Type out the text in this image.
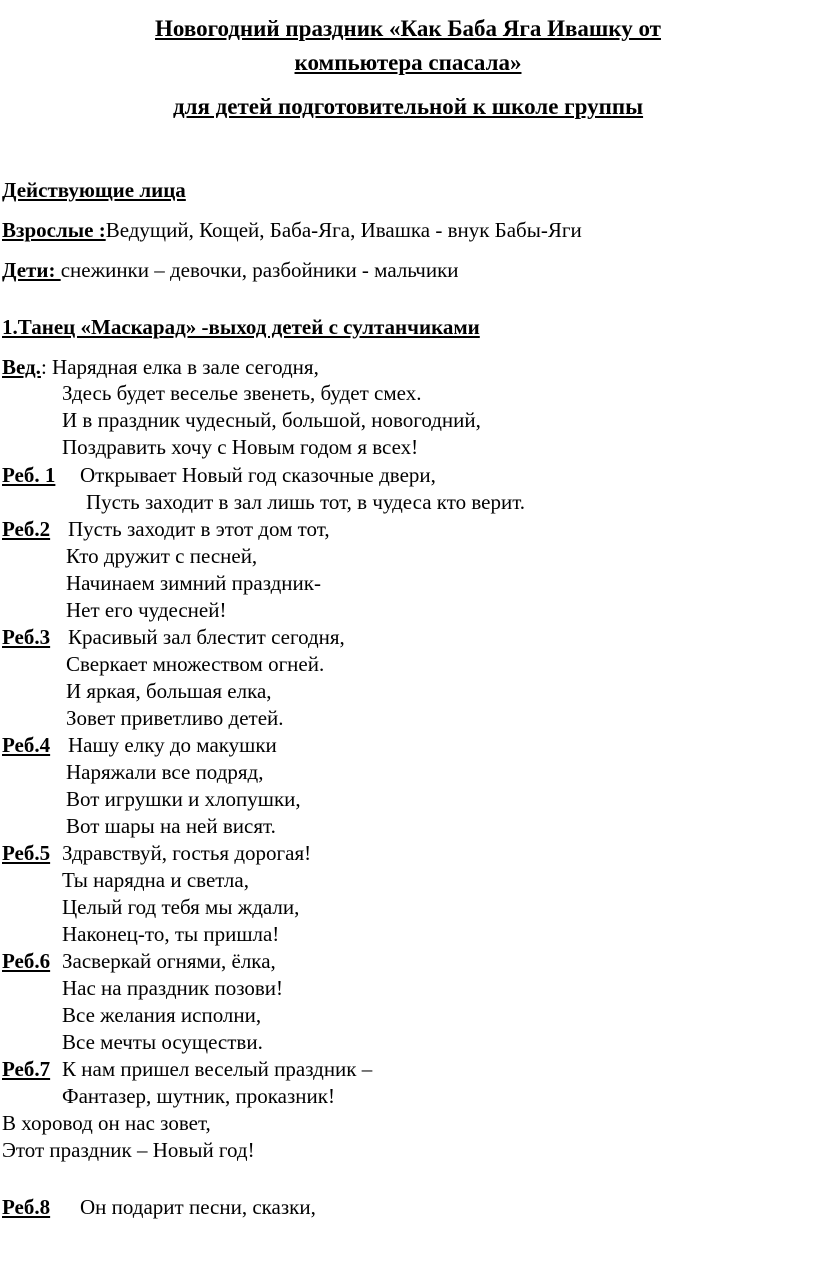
Новогодний праздник «Как Баба Яга Ивашку от
компьютера спасала»
для детей подготовительной к школе группы
Действующие лица
Взрослые :Ведущий, Кощей, Баба-Яга, Ивашка - внук Бабы-Яги
Дети: снежинки – девочки, разбойники - мальчики
1.Танец «Маскарад» -выход детей с султанчиками
Вед.: Нарядная елка в зале сегодня,
Здесь будет веселье звенеть, будет смех.
И в праздник чудесный, большой, новогодний,
Поздравить хочу с Новым годом я всех!
Реб. 1 Открывает Новый год сказочные двери,
Пусть заходит в зал лишь тот, в чудеса кто верит.
Реб.2 Пусть заходит в этот дом тот,
Кто дружит с песней,
Начинаем зимний праздник-
Нет его чудесней!
Реб.3 Красивый зал блестит сегодня,
Сверкает множеством огней.
И яркая, большая елка,
Зовет приветливо детей.
Реб.4 Нашу елку до макушки
Наряжали все подряд,
Вот игрушки и хлопушки,
Вот шары на ней висят.
Реб.5 Здравствуй, гостья дорогая!
Ты нарядна и светла,
Целый год тебя мы ждали,
Наконец-то, ты пришла!
Реб.6 Засверкай огнями, ёлка,
Нас на праздник позови!
Все желания исполни,
Все мечты осуществи.
Реб.7 К нам пришел веселый праздник –
Фантазер, шутник, проказник!
В хоровод он нас зовет,
Этот праздник – Новый год!
Реб.8 Он подарит песни, сказки,
